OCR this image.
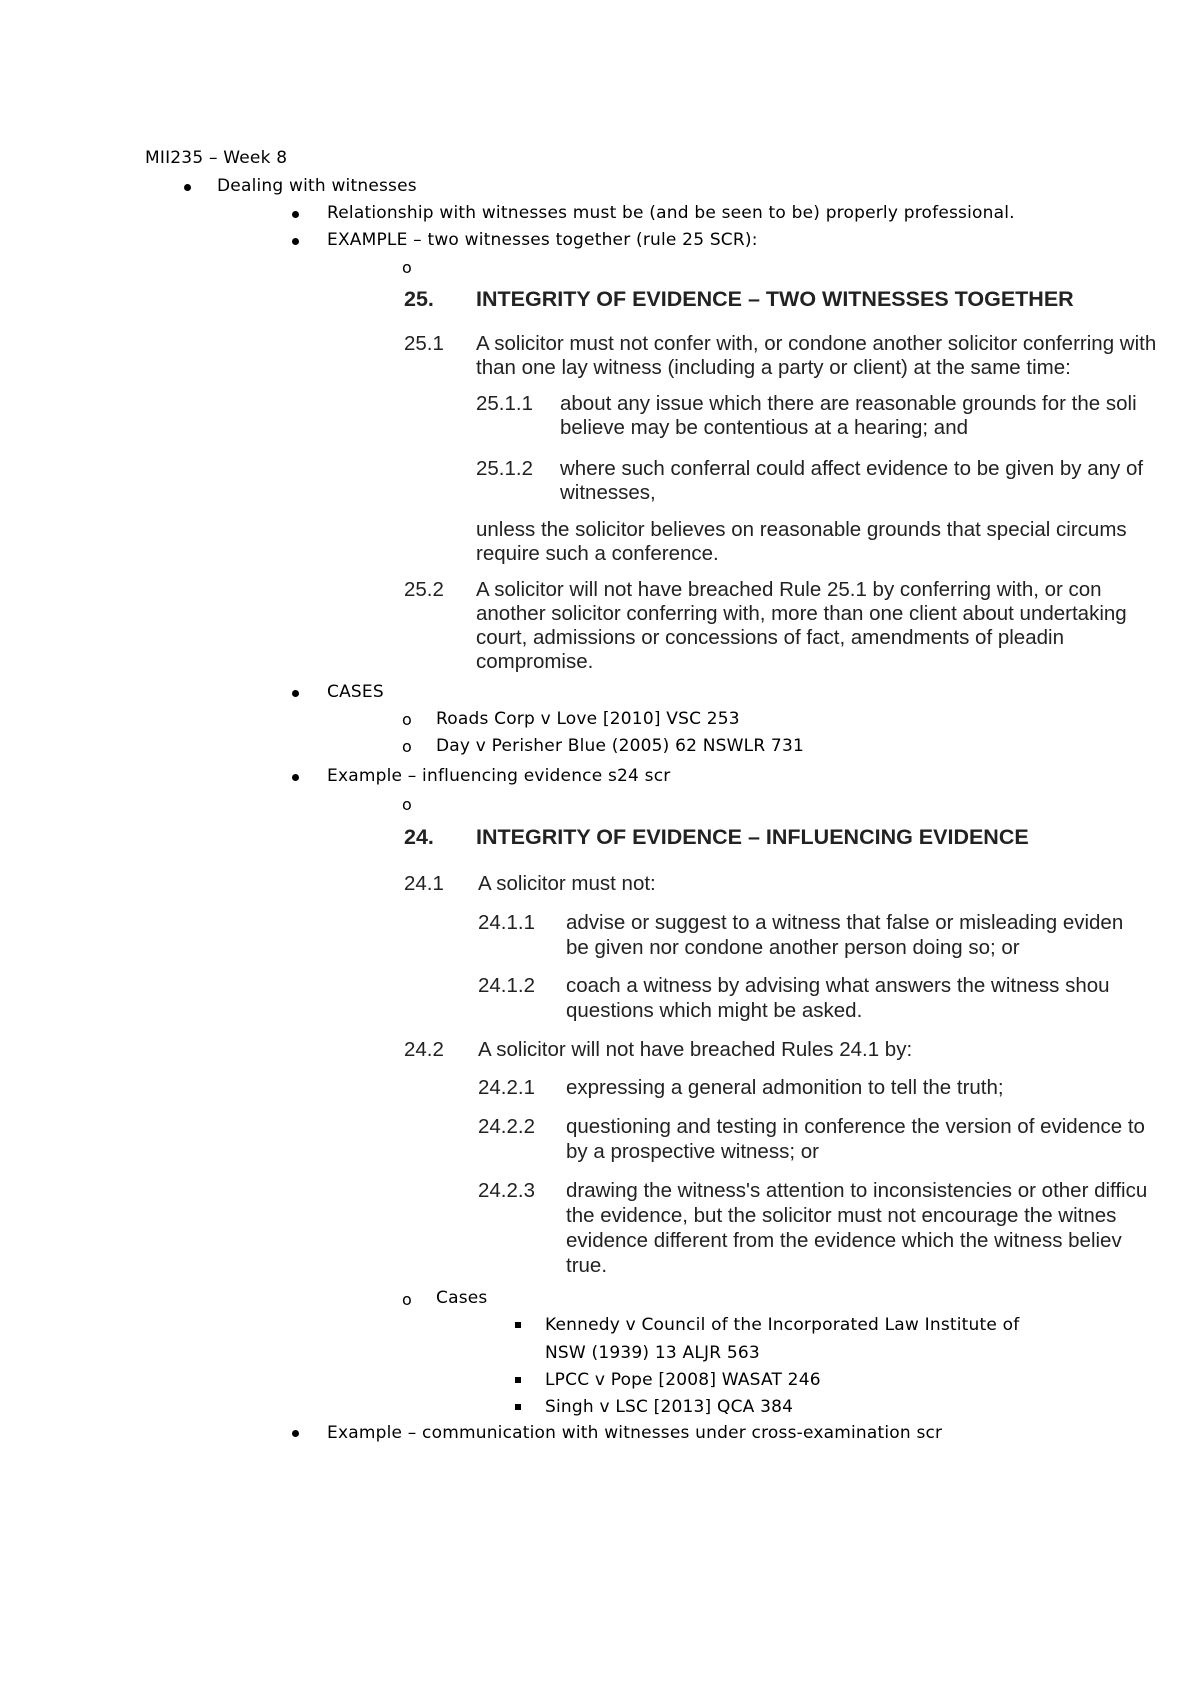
MII235 – Week 8
Dealing with witnesses
Relationship with witnesses must be (and be seen to be) properly professional.
EXAMPLE – two witnesses together (rule 25 SCR):
o
25. INTEGRITY OF EVIDENCE – TWO WITNESSES TOGETHER
25.1 A solicitor must not confer with, or condone another solicitor conferring with
than one lay witness (including a party or client) at the same time:
25.1.1 about any issue which there are reasonable grounds for the soli
believe may be contentious at a hearing; and
25.1.2 where such conferral could affect evidence to be given by any of
witnesses,
unless the solicitor believes on reasonable grounds that special circums
require such a conference.
25.2 A solicitor will not have breached Rule 25.1 by conferring with, or con
another solicitor conferring with, more than one client about undertaking
court, admissions or concessions of fact, amendments of pleadin
compromise.
CASES
o Roads Corp v Love [2010] VSC 253
o Day v Perisher Blue (2005) 62 NSWLR 731
Example – influencing evidence s24 scr
o
24. INTEGRITY OF EVIDENCE – INFLUENCING EVIDENCE
24.1 A solicitor must not:
24.1.1 advise or suggest to a witness that false or misleading eviden
be given nor condone another person doing so; or
24.1.2 coach a witness by advising what answers the witness shou
questions which might be asked.
24.2 A solicitor will not have breached Rules 24.1 by:
24.2.1 expressing a general admonition to tell the truth;
24.2.2 questioning and testing in conference the version of evidence to
by a prospective witness; or
24.2.3 drawing the witness's attention to inconsistencies or other difficu
the evidence, but the solicitor must not encourage the witnes
evidence different from the evidence which the witness believ
true.
o Cases
Kennedy v Council of the Incorporated Law Institute of
NSW (1939) 13 ALJR 563
LPCC v Pope [2008] WASAT 246
Singh v LSC [2013] QCA 384
Example – communication with witnesses under cross-examination scr
